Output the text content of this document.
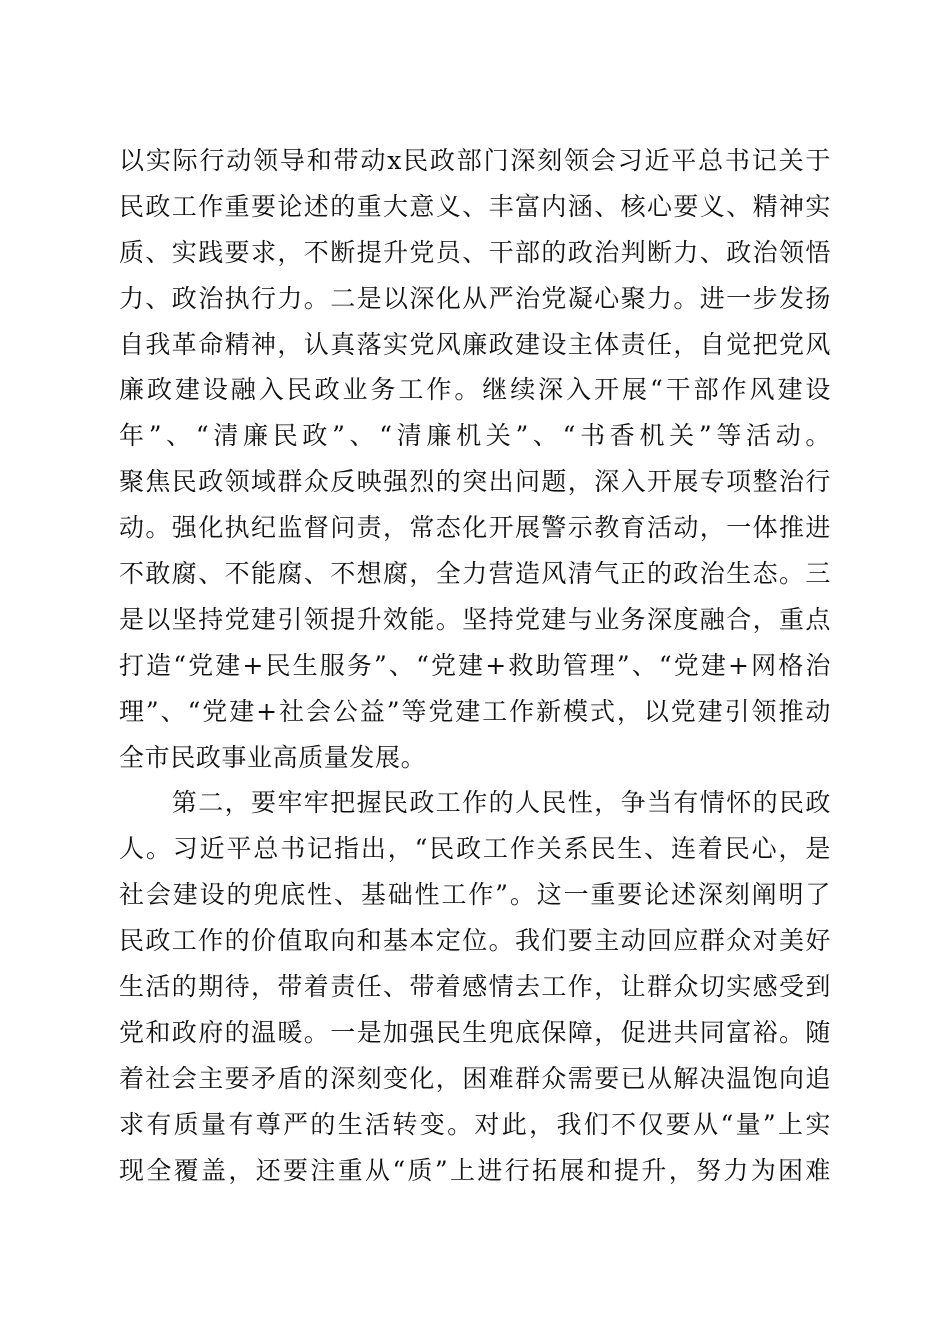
以实际行动领导和带动x民政部门深刻领会习近平总书记关于
民政工作重要论述的重大意义、丰富内涵、核心要义、精神实
质、实践要求，不断提升党员、干部的政治判断力、政治领悟
力、政治执行力。二是以深化从严治党凝心聚力。进一步发扬
自我革命精神，认真落实党风廉政建设主体责任，自觉把党风
廉政建设融入民政业务工作。继续深入开展“干部作风建设
年”、“清廉民政”、“清廉机关”、“书香机关”等活动。
聚焦民政领域群众反映强烈的突出问题，深入开展专项整治行
动。强化执纪监督问责，常态化开展警示教育活动，一体推进
不敢腐、不能腐、不想腐，全力营造风清气正的政治生态。三
是以坚持党建引领提升效能。坚持党建与业务深度融合，重点
打造“党建+民生服务”、“党建+救助管理”、“党建+网格治
理”、“党建+社会公益”等党建工作新模式，以党建引领推动
全市民政事业高质量发展。
　　第二，要牢牢把握民政工作的人民性，争当有情怀的民政
人。习近平总书记指出，“民政工作关系民生、连着民心，是
社会建设的兜底性、基础性工作”。这一重要论述深刻阐明了
民政工作的价值取向和基本定位。我们要主动回应群众对美好
生活的期待，带着责任、带着感情去工作，让群众切实感受到
党和政府的温暖。一是加强民生兜底保障，促进共同富裕。随
着社会主要矛盾的深刻变化，困难群众需要已从解决温饱向追
求有质量有尊严的生活转变。对此，我们不仅要从“量”上实
现全覆盖，还要注重从“质”上进行拓展和提升，努力为困难
